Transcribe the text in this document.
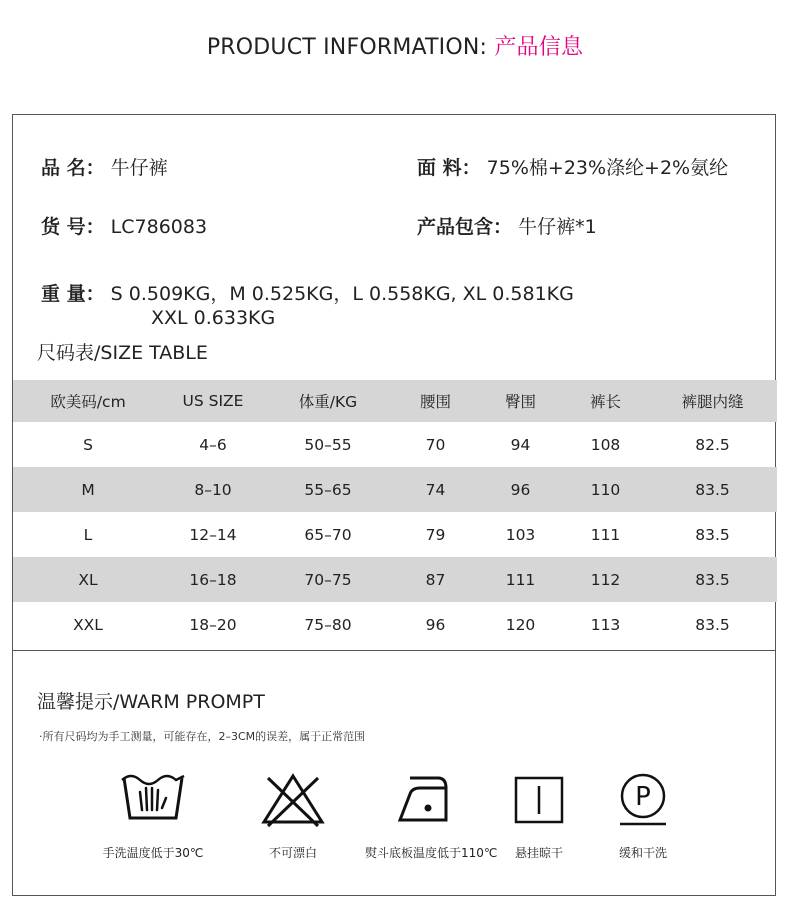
PRODUCT INFORMATION: 产品信息
品 名： 牛仔裤	面 料： 75%棉+23%涤纶+2%氨纶
货 号： LC786083	产品包含： 牛仔裤*1
重 量： S 0.509KG，M 0.525KG，L 0.558KG, XL 0.581KG
XXL 0.633KG
尺码表/SIZE TABLE
欧美码/cm	US SIZE	体重/KG	腰围	臀围	裤长	裤腿内缝
S	4–6	50–55	70	94	108	82.5
M	8–10	55–65	74	96	110	83.5
L	12–14	65–70	79	103	111	83.5
XL	16–18	70–75	87	111	112	83.5
XXL	18–20	75–80	96	120	113	83.5
温馨提示/WARM PROMPT
·所有尺码均为手工测量，可能存在，2–3CM的误差，属于正常范围
手洗温度低于30℃	不可漂白	熨斗底板温度低于110℃	悬挂晾干
P
缓和干洗
